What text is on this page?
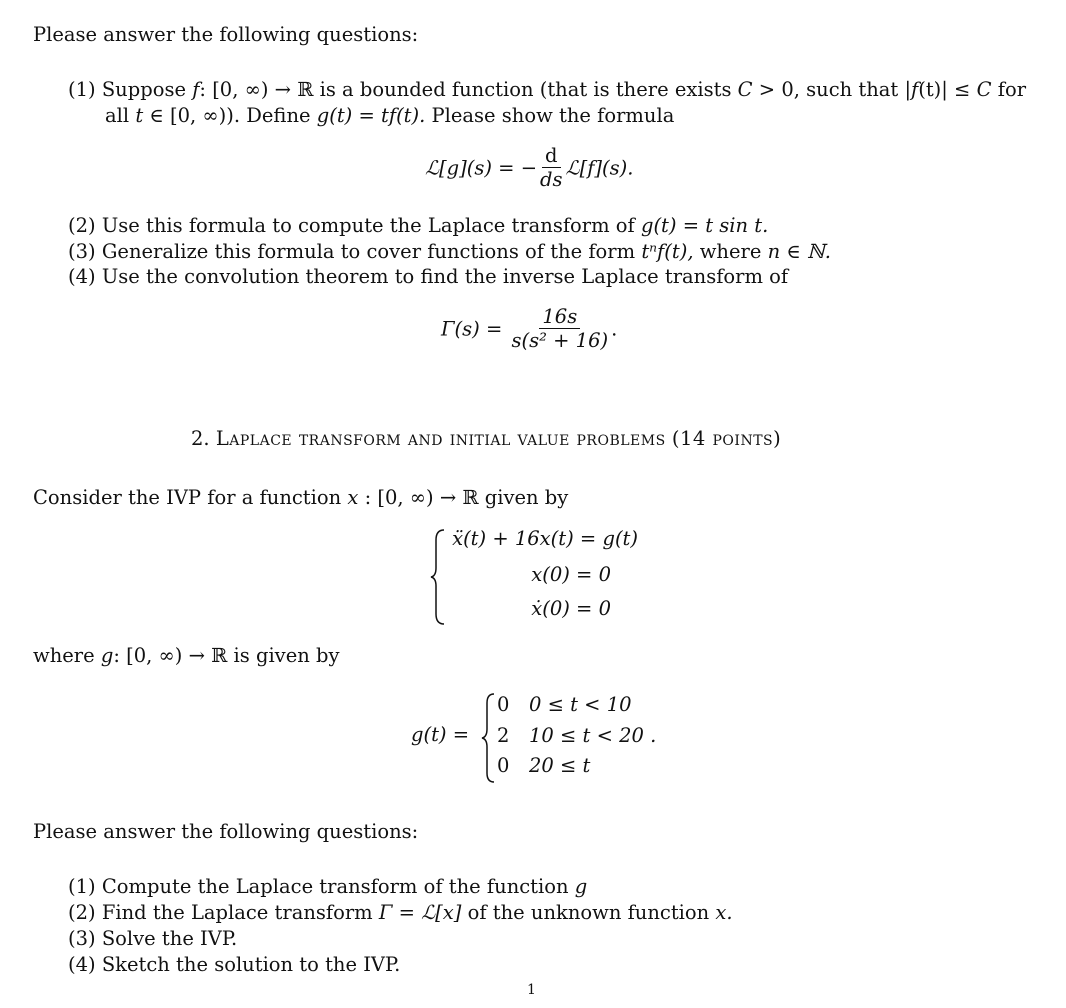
Please answer the following questions:
(1) Suppose f: [0, ∞) → ℝ is a bounded function (that is there exists C > 0, such that |f(t)| ≤ C for
all t ∈ [0, ∞)). Define g(t) = tf(t). Please show the formula
ℒ[g](s) = − $\frac{d}{ds}$ ℒ[f](s).
(2) Use this formula to compute the Laplace transform of g(t) = t sin t.
(3) Generalize this formula to cover functions of the form tⁿf(t), where n ∈ ℕ.
(4) Use the convolution theorem to find the inverse Laplace transform of
$\Gamma(s) = \frac{16s}{\text{s(s² + 16)}}$ .
2. Laplace transform and initial value problems (14 points)
Consider the IVP for a function x : [0, ∞) → ℝ given by
ẍ(t) + 16x(t) = g(t)
x(0) = 0
ẋ(0) = 0
where g: [0, ∞) → ℝ is given by
g(t) =
0 0 ≤ t < 10
2 10 ≤ t < 20 .
0 20 ≤ t
Please answer the following questions:
(1) Compute the Laplace transform of the function g
(2) Find the Laplace transform Γ = ℒ[x] of the unknown function x.
(3) Solve the IVP.
(4) Sketch the solution to the IVP.
1
